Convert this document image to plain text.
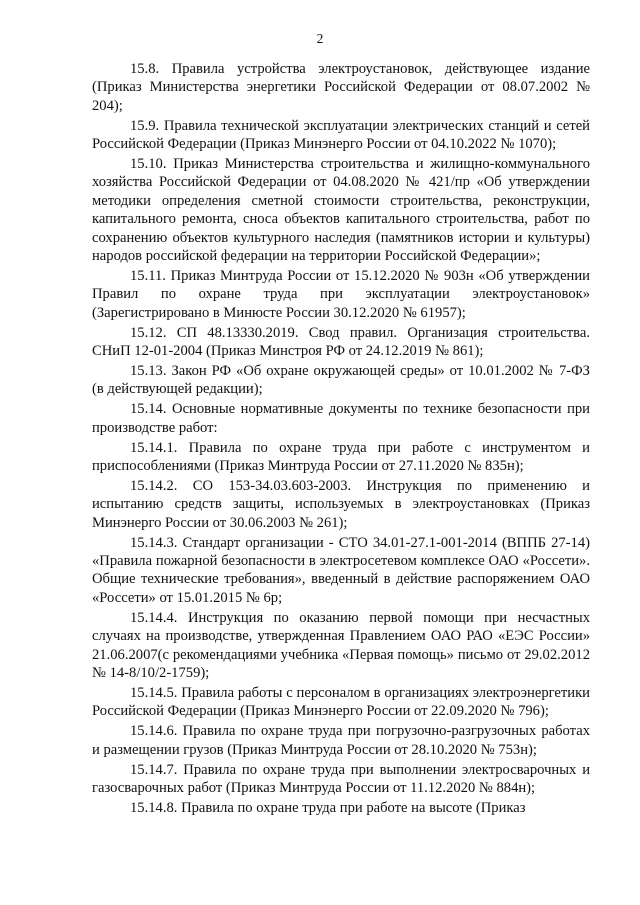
2

15.8. Правила устройства электроустановок, действующее издание (Приказ Министерства энергетики Российской Федерации от 08.07.2002 № 204);

15.9. Правила технической эксплуатации электрических станций и сетей Российской Федерации (Приказ Минэнерго России от 04.10.2022 № 1070);

15.10. Приказ Министерства строительства и жилищно-коммунального хозяйства Российской Федерации от 04.08.2020 № 421/пр «Об утверждении методики определения сметной стоимости строительства, реконструкции, капитального ремонта, сноса объектов капитального строительства, работ по сохранению объектов культурного наследия (памятников истории и культуры) народов российской федерации на территории Российской Федерации»;

15.11. Приказ Минтруда России от 15.12.2020 № 903н «Об утверждении Правил по охране труда при эксплуатации электроустановок» (Зарегистрировано в Минюсте России 30.12.2020 № 61957);

15.12. СП 48.13330.2019. Свод правил. Организация строительства. СНиП 12-01-2004 (Приказ Минстроя РФ от 24.12.2019 № 861);

15.13. Закон РФ «Об охране окружающей среды» от 10.01.2002 № 7-ФЗ (в действующей редакции);

15.14. Основные нормативные документы по технике безопасности при производстве работ:

15.14.1. Правила по охране труда при работе с инструментом и приспособлениями (Приказ Минтруда России от 27.11.2020 № 835н);

15.14.2. СО 153-34.03.603-2003. Инструкция по применению и испытанию средств защиты, используемых в электроустановках (Приказ Минэнерго России от 30.06.2003 № 261);

15.14.3. Стандарт организации - СТО 34.01-27.1-001-2014 (ВППБ 27-14) «Правила пожарной безопасности в электросетевом комплексе ОАО «Россети». Общие технические требования», введенный в действие распоряжением ОАО «Россети» от 15.01.2015 № 6р;

15.14.4. Инструкция по оказанию первой помощи при несчастных случаях на производстве, утвержденная Правлением ОАО РАО «ЕЭС России» 21.06.2007(с рекомендациями учебника «Первая помощь» письмо от 29.02.2012 № 14-8/10/2-1759);

15.14.5. Правила работы с персоналом в организациях электроэнергетики Российской Федерации (Приказ Минэнерго России от 22.09.2020 № 796);

15.14.6. Правила по охране труда при погрузочно-разгрузочных работах и размещении грузов (Приказ Минтруда России от 28.10.2020 № 753н);

15.14.7. Правила по охране труда при выполнении электросварочных и газосварочных работ (Приказ Минтруда России от 11.12.2020 № 884н);

15.14.8. Правила по охране труда при работе на высоте (Приказ
